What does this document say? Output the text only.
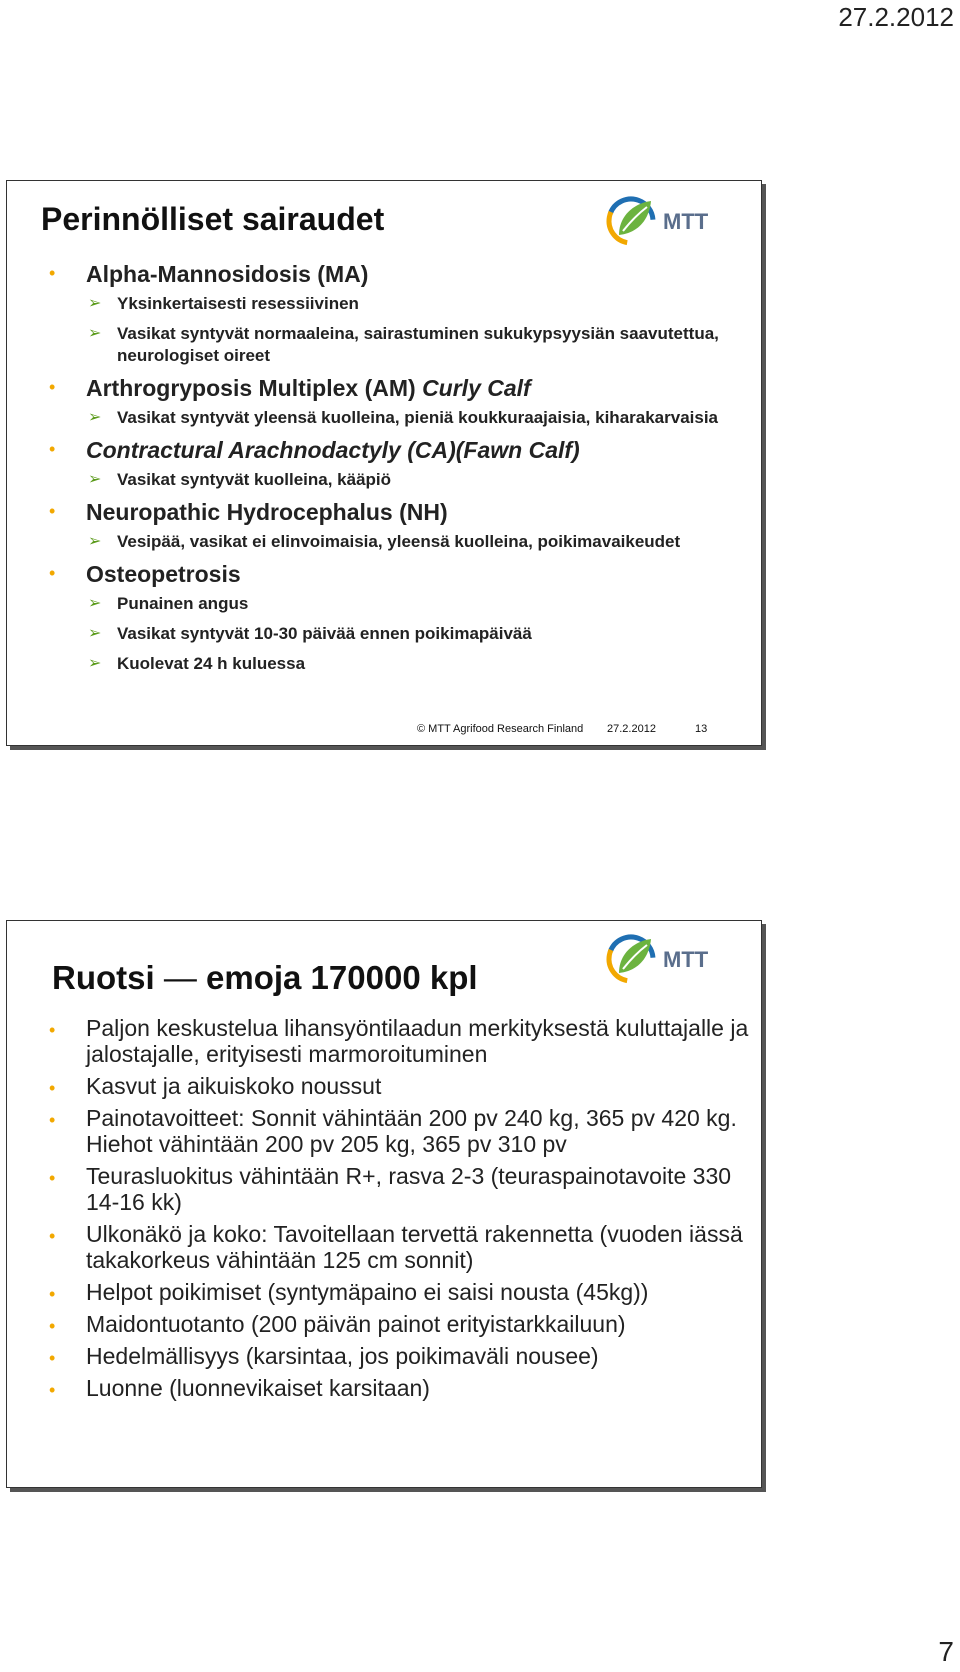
27.2.2012
Perinnölliset sairaudet	MTT
• Alpha-Mannosidosis (MA)
➢ Yksinkertaisesti resessiivinen
➢ Vasikat syntyvät normaaleina, sairastuminen sukukypsyysiän saavutettua, neurologiset oireet
• Arthrogryposis Multiplex (AM) Curly Calf
➢ Vasikat syntyvät yleensä kuolleina, pieniä koukkuraajaisia, kiharakarvaisia
• Contractural Arachnodactyly (CA)(Fawn Calf)
➢ Vasikat syntyvät kuolleina, kääpiö
• Neuropathic Hydrocephalus (NH)
➢ Vesipää, vasikat ei elinvoimaisia, yleensä kuolleina, poikimavaikeudet
• Osteopetrosis
➢ Punainen angus
➢ Vasikat syntyvät 10-30 päivää ennen poikimapäivää
➢ Kuolevat 24 h kuluessa
© MTT Agrifood Research Finland 27.2.2012	13
Ruotsi — emoja 170000 kpl	MTT
• Paljon keskustelua lihansyöntilaadun merkityksestä kuluttajalle ja jalostajalle, erityisesti marmoroituminen
• Kasvut ja aikuiskoko noussut
• Painotavoitteet: Sonnit vähintään 200 pv 240 kg, 365 pv 420 kg. Hiehot vähintään 200 pv 205 kg, 365 pv 310 pv
• Teurasluokitus vähintään R+, rasva 2-3 (teuraspainotavoite 330 14-16 kk)
• Ulkonäkö ja koko: Tavoitellaan tervettä rakennetta (vuoden iässä takakorkeus vähintään 125 cm sonnit)
• Helpot poikimiset (syntymäpaino ei saisi nousta (45kg))
• Maidontuotanto (200 päivän painot erityistarkkailuun)
• Hedelmällisyys (karsintaa, jos poikimaväli nousee)
• Luonne (luonnevikaiset karsitaan)
7
